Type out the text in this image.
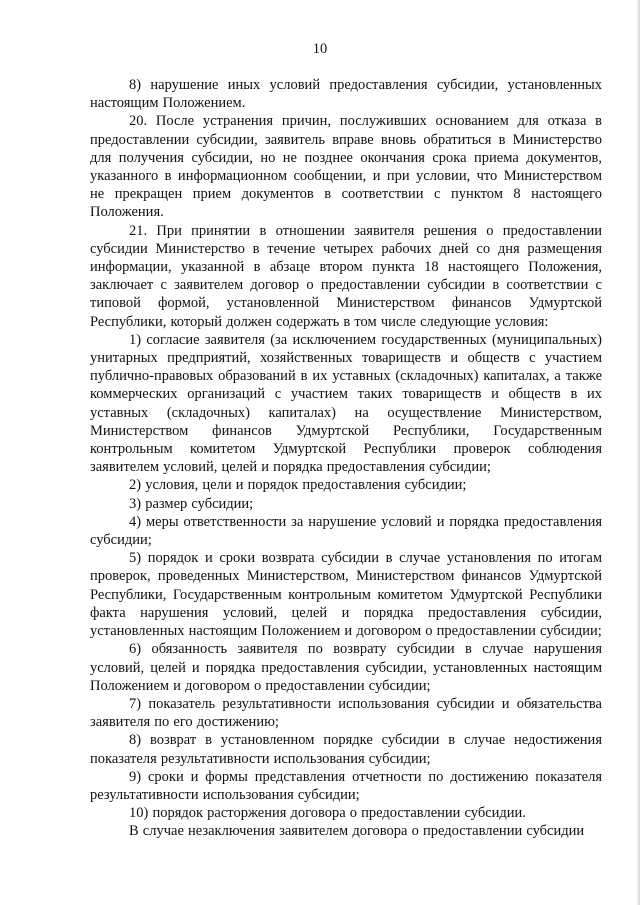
10

8) нарушение иных условий предоставления субсидии, установленных настоящим Положением.

20. После устранения причин, послуживших основанием для отказа в предоставлении субсидии, заявитель вправе вновь обратиться в Министерство для получения субсидии, но не позднее окончания срока приема документов, указанного в информационном сообщении, и при условии, что Министерством не прекращен прием документов в соответствии с пунктом 8 настоящего Положения.

21. При принятии в отношении заявителя решения о предоставлении субсидии Министерство в течение четырех рабочих дней со дня размещения информации, указанной в абзаце втором пункта 18 настоящего Положения, заключает с заявителем договор о предоставлении субсидии в соответствии с типовой формой, установленной Министерством финансов Удмуртской Республики, который должен содержать в том числе следующие условия:

1) согласие заявителя (за исключением государственных (муниципальных) унитарных предприятий, хозяйственных товариществ и обществ с участием публично-правовых образований в их уставных (складочных) капиталах, а также коммерческих организаций с участием таких товариществ и обществ в их уставных (складочных) капиталах) на осуществление Министерством, Министерством финансов Удмуртской Республики, Государственным контрольным комитетом Удмуртской Республики проверок соблюдения заявителем условий, целей и порядка предоставления субсидии;

2) условия, цели и порядок предоставления субсидии;

3) размер субсидии;

4) меры ответственности за нарушение условий и порядка предоставления субсидии;

5) порядок и сроки возврата субсидии в случае установления по итогам проверок, проведенных Министерством, Министерством финансов Удмуртской Республики, Государственным контрольным комитетом Удмуртской Республики факта нарушения условий, целей и порядка предоставления субсидии, установленных настоящим Положением и договором о предоставлении субсидии;

6) обязанность заявителя по возврату субсидии в случае нарушения условий, целей и порядка предоставления субсидии, установленных настоящим Положением и договором о предоставлении субсидии;

7) показатель результативности использования субсидии и обязательства заявителя по его достижению;

8) возврат в установленном порядке субсидии в случае недостижения показателя результативности использования субсидии;

9) сроки и формы представления отчетности по достижению показателя результативности использования субсидии;

10) порядок расторжения договора о предоставлении субсидии.

В случае незаключения заявителем договора о предоставлении субсидии
